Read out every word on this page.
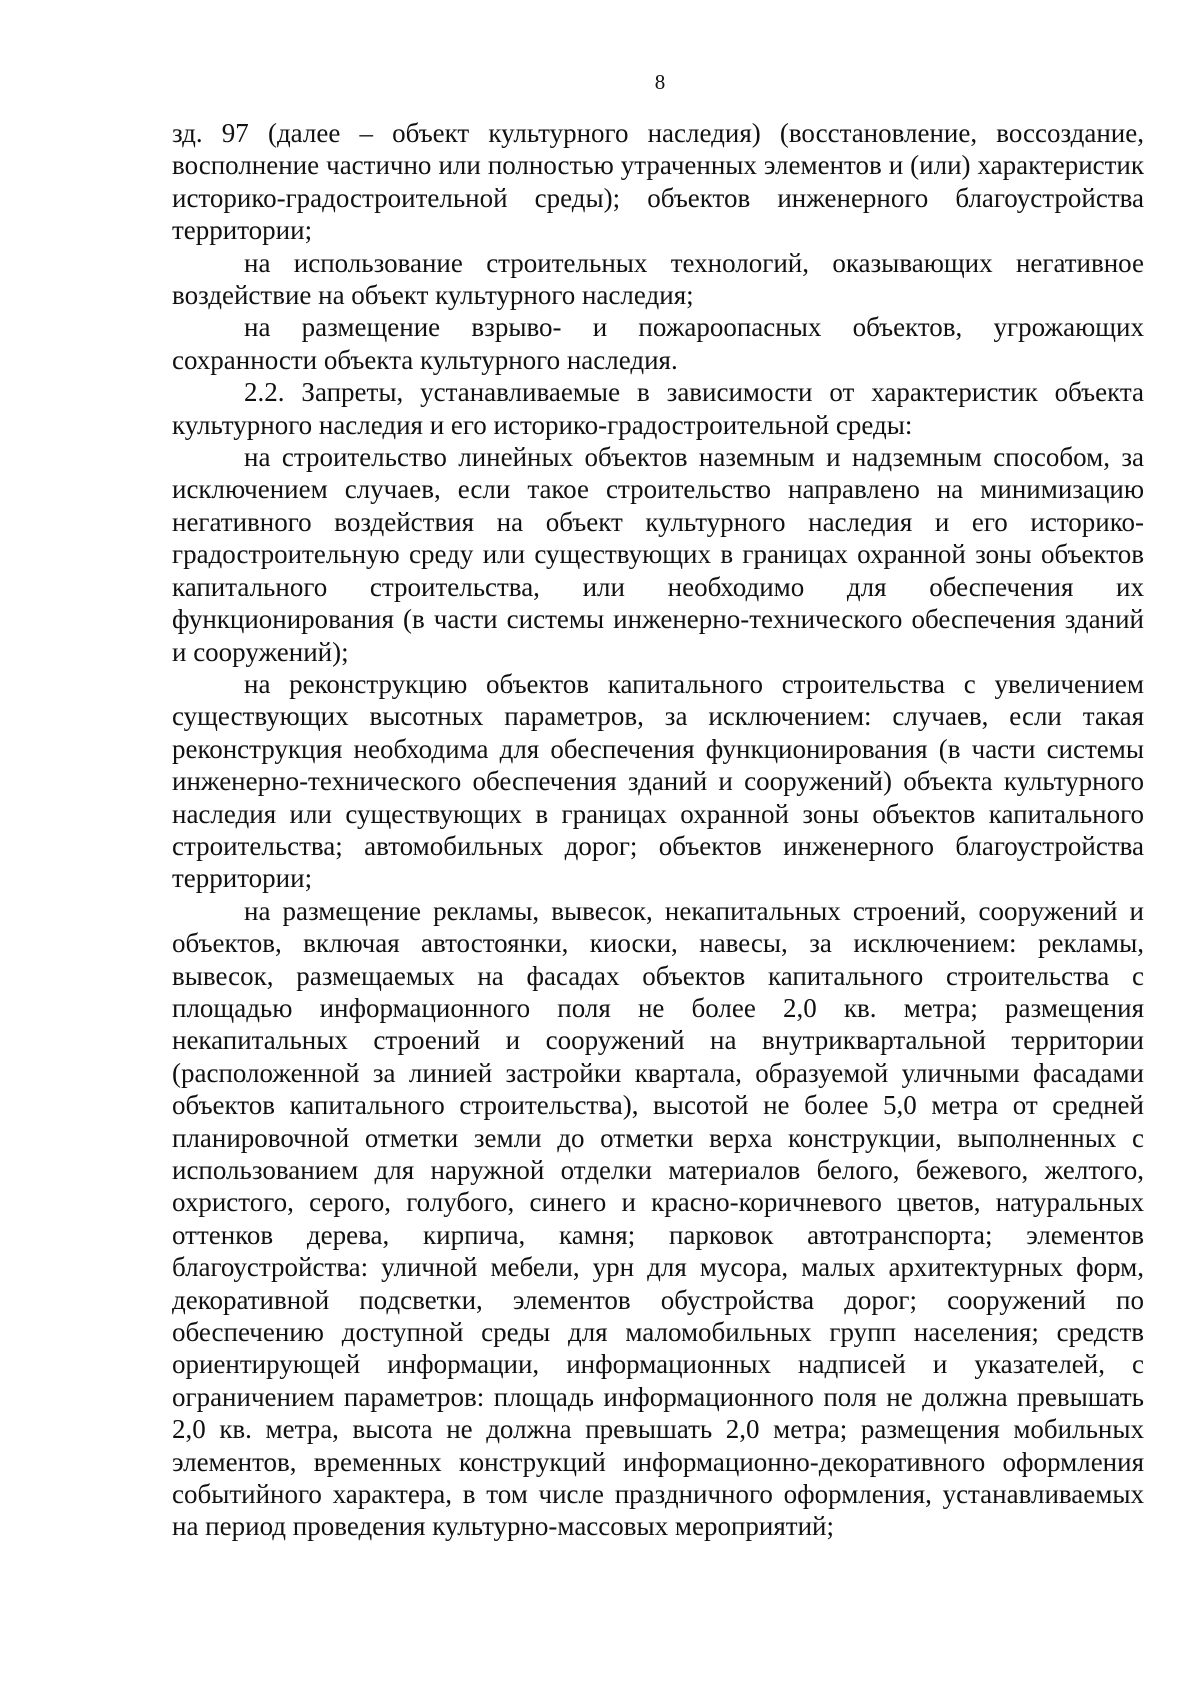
8

зд. 97 (далее – объект культурного наследия) (восстановление, воссоздание, восполнение частично или полностью утраченных элементов и (или) характеристик историко-градостроительной среды); объектов инженерного благоустройства территории;

на использование строительных технологий, оказывающих негативное воздействие на объект культурного наследия;

на размещение взрыво- и пожароопасных объектов, угрожающих сохранности объекта культурного наследия.

2.2. Запреты, устанавливаемые в зависимости от характеристик объекта культурного наследия и его историко-градостроительной среды:

на строительство линейных объектов наземным и надземным способом, за исключением случаев, если такое строительство направлено на минимизацию негативного воздействия на объект культурного наследия и его историко-градостроительную среду или существующих в границах охранной зоны объектов капитального строительства, или необходимо для обеспечения их функционирования (в части системы инженерно-технического обеспечения зданий и сооружений);

на реконструкцию объектов капитального строительства с увеличением существующих высотных параметров, за исключением: случаев, если такая реконструкция необходима для обеспечения функционирования (в части системы инженерно-технического обеспечения зданий и сооружений) объекта культурного наследия или существующих в границах охранной зоны объектов капитального строительства; автомобильных дорог; объектов инженерного благоустройства территории;

на размещение рекламы, вывесок, некапитальных строений, сооружений и объектов, включая автостоянки, киоски, навесы, за исключением: рекламы, вывесок, размещаемых на фасадах объектов капитального строительства с площадью информационного поля не более 2,0 кв. метра; размещения некапитальных строений и сооружений на внутриквартальной территории (расположенной за линией застройки квартала, образуемой уличными фасадами объектов капитального строительства), высотой не более 5,0 метра от средней планировочной отметки земли до отметки верха конструкции, выполненных с использованием для наружной отделки материалов белого, бежевого, желтого, охристого, серого, голубого, синего и красно-коричневого цветов, натуральных оттенков дерева, кирпича, камня; парковок автотранспорта; элементов благоустройства: уличной мебели, урн для мусора, малых архитектурных форм, декоративной подсветки, элементов обустройства дорог; сооружений по обеспечению доступной среды для маломобильных групп населения; средств ориентирующей информации, информационных надписей и указателей, с ограничением параметров: площадь информационного поля не должна превышать 2,0 кв. метра, высота не должна превышать 2,0 метра; размещения мобильных элементов, временных конструкций информационно-декоративного оформления событийного характера, в том числе праздничного оформления, устанавливаемых на период проведения культурно-массовых мероприятий;
